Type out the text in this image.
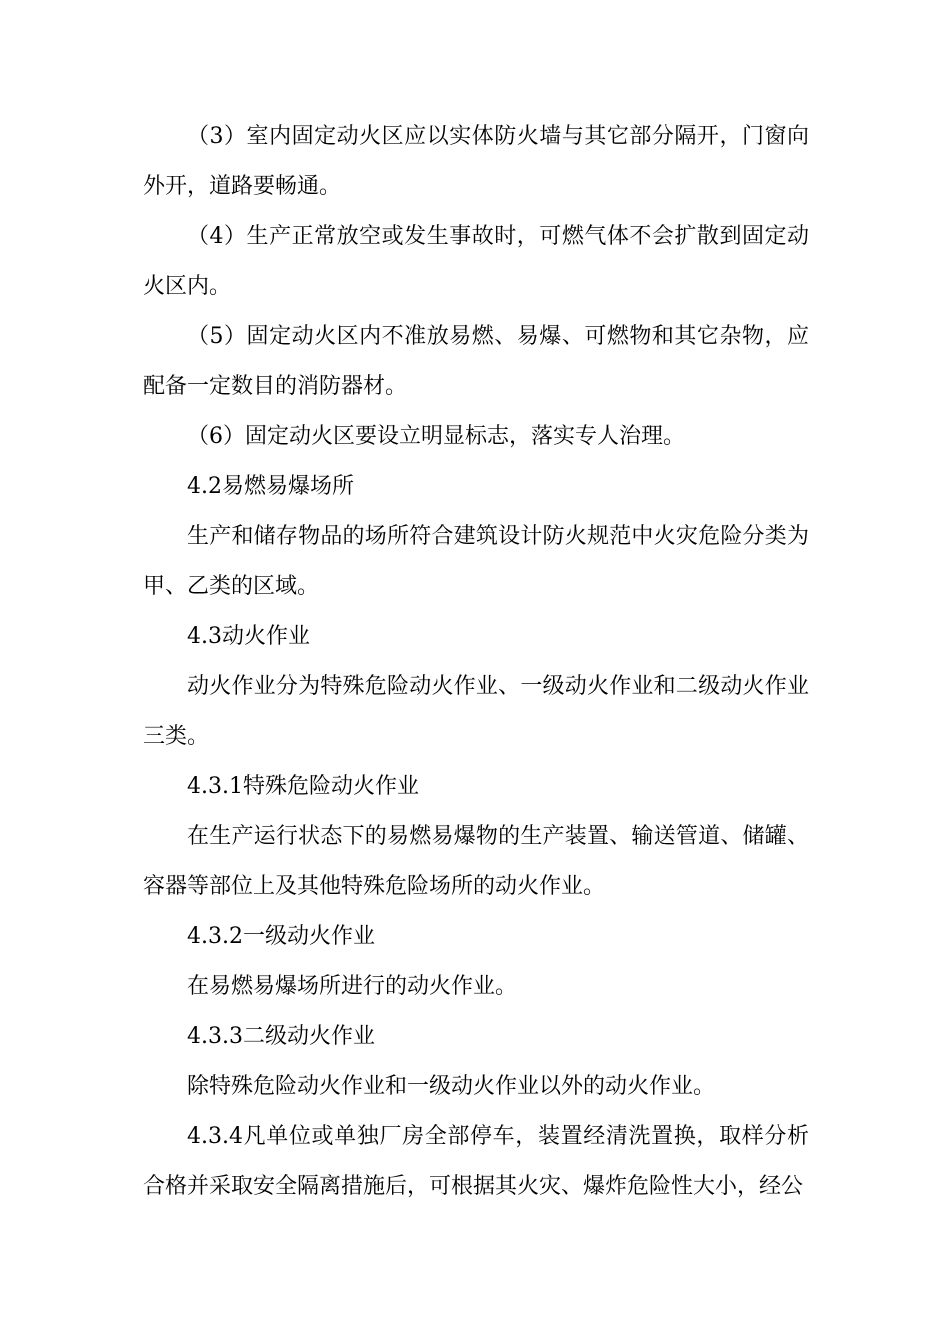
（3）室内固定动火区应以实体防火墙与其它部分隔开，门窗向外开，道路要畅通。

（4）生产正常放空或发生事故时，可燃气体不会扩散到固定动火区内。

（5）固定动火区内不准放易燃、易爆、可燃物和其它杂物，应配备一定数目的消防器材。

（6）固定动火区要设立明显标志，落实专人治理。

4.2易燃易爆场所

生产和储存物品的场所符合建筑设计防火规范中火灾危险分类为甲、乙类的区域。

4.3动火作业

动火作业分为特殊危险动火作业、一级动火作业和二级动火作业三类。

4.3.1特殊危险动火作业

在生产运行状态下的易燃易爆物的生产装置、输送管道、储罐、容器等部位上及其他特殊危险场所的动火作业。

4.3.2一级动火作业

在易燃易爆场所进行的动火作业。

4.3.3二级动火作业

除特殊危险动火作业和一级动火作业以外的动火作业。

4.3.4凡单位或单独厂房全部停车，装置经清洗置换，取样分析合格并采取安全隔离措施后，可根据其火灾、爆炸危险性大小，经公
